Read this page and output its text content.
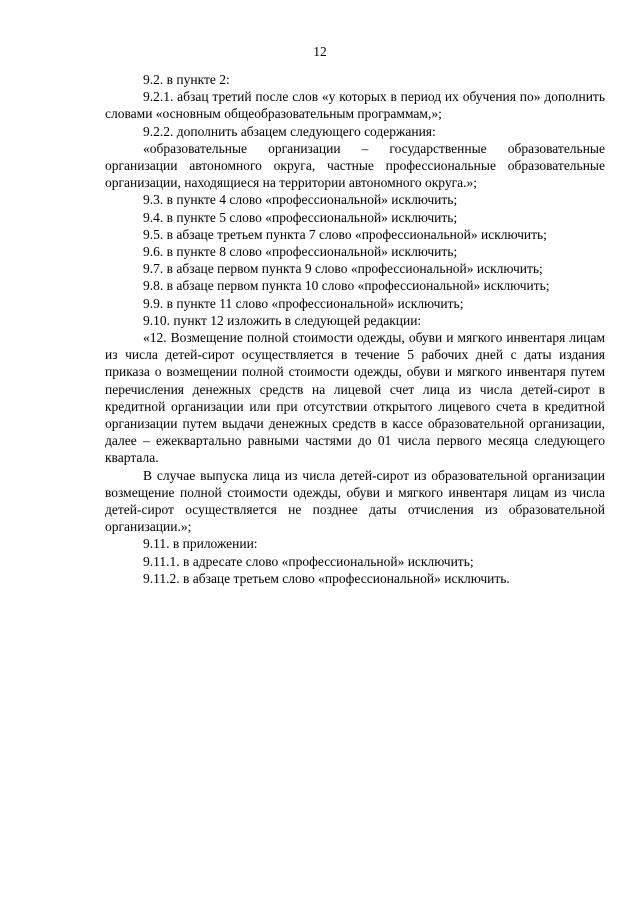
12

9.2. в пункте 2:

9.2.1. абзац третий после слов «у которых в период их обучения по» дополнить словами «основным общеобразовательным программам,»;

9.2.2. дополнить абзацем следующего содержания:

«образовательные организации – государственные образовательные организации автономного округа, частные профессиональные образовательные организации, находящиеся на территории автономного округа.»;

9.3. в пункте 4 слово «профессиональной» исключить;

9.4. в пункте 5 слово «профессиональной» исключить;

9.5. в абзаце третьем пункта 7 слово «профессиональной» исключить;

9.6. в пункте 8 слово «профессиональной» исключить;

9.7. в абзаце первом пункта 9 слово «профессиональной» исключить;

9.8. в абзаце первом пункта 10 слово «профессиональной» исключить;

9.9. в пункте 11 слово «профессиональной» исключить;

9.10. пункт 12 изложить в следующей редакции:

«12. Возмещение полной стоимости одежды, обуви и мягкого инвентаря лицам из числа детей-сирот осуществляется в течение 5 рабочих дней с даты издания приказа о возмещении полной стоимости одежды, обуви и мягкого инвентаря путем перечисления денежных средств на лицевой счет лица из числа детей-сирот в кредитной организации или при отсутствии открытого лицевого счета в кредитной организации путем выдачи денежных средств в кассе образовательной организации, далее – ежеквартально равными частями до 01 числа первого месяца следующего квартала.

В случае выпуска лица из числа детей-сирот из образовательной организации возмещение полной стоимости одежды, обуви и мягкого инвентаря лицам из числа детей-сирот осуществляется не позднее даты отчисления из образовательной организации.»;

9.11. в приложении:

9.11.1. в адресате слово «профессиональной» исключить;

9.11.2. в абзаце третьем слово «профессиональной» исключить.
